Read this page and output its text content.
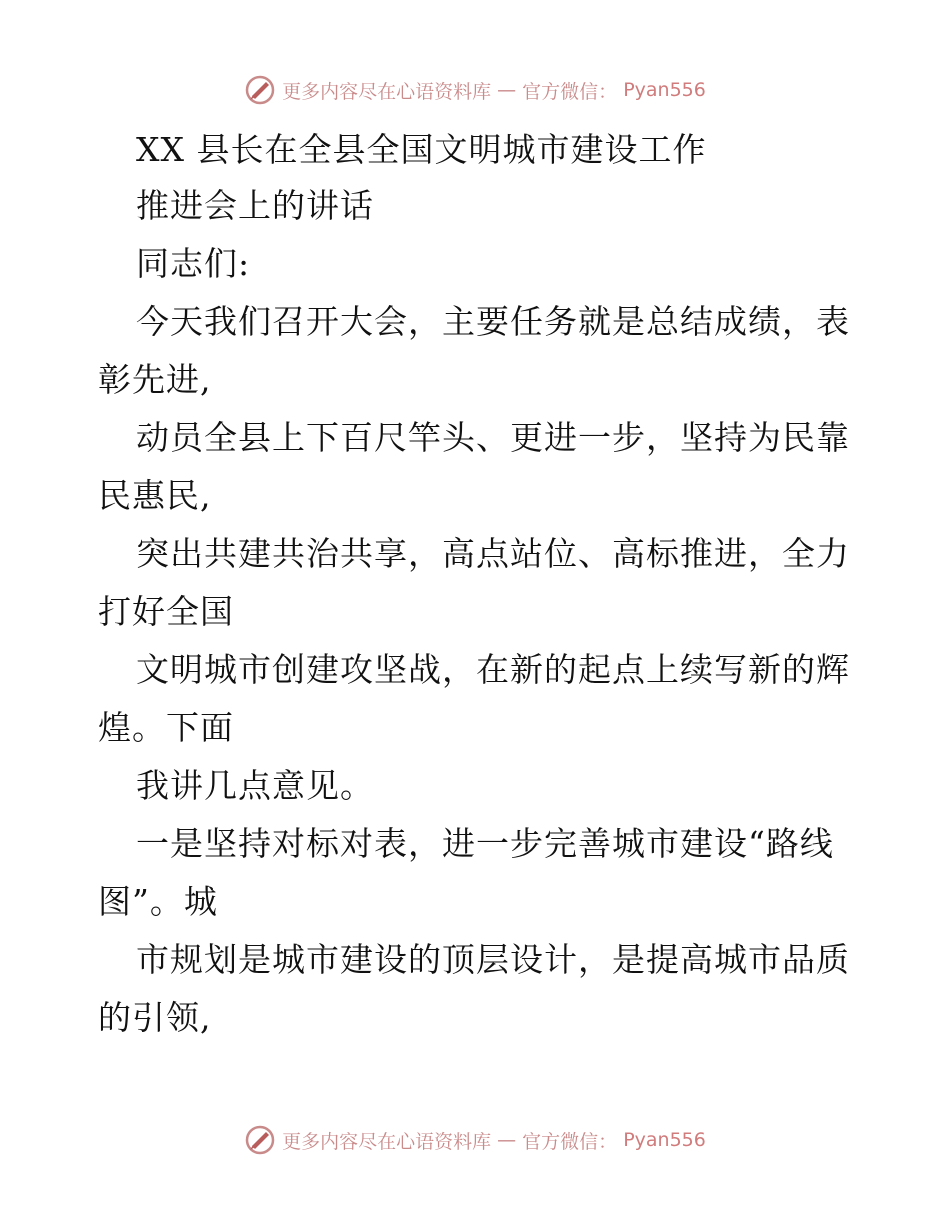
更多内容尽在心语资料库 — 官方微信： Pyan556
XX 县长在全县全国文明城市建设工作
推进会上的讲话
同志们:
今天我们召开大会，主要任务就是总结成绩，表
彰先进,
动员全县上下百尺竿头、更进一步，坚持为民靠
民惠民,
突出共建共治共享，高点站位、高标推进，全力
打好全国
文明城市创建攻坚战，在新的起点上续写新的辉
煌。下面
我讲几点意见。
一是坚持对标对表，进一步完善城市建设“路线
图”。城
市规划是城市建设的顶层设计，是提高城市品质
的引领,
更多内容尽在心语资料库 — 官方微信： Pyan556
